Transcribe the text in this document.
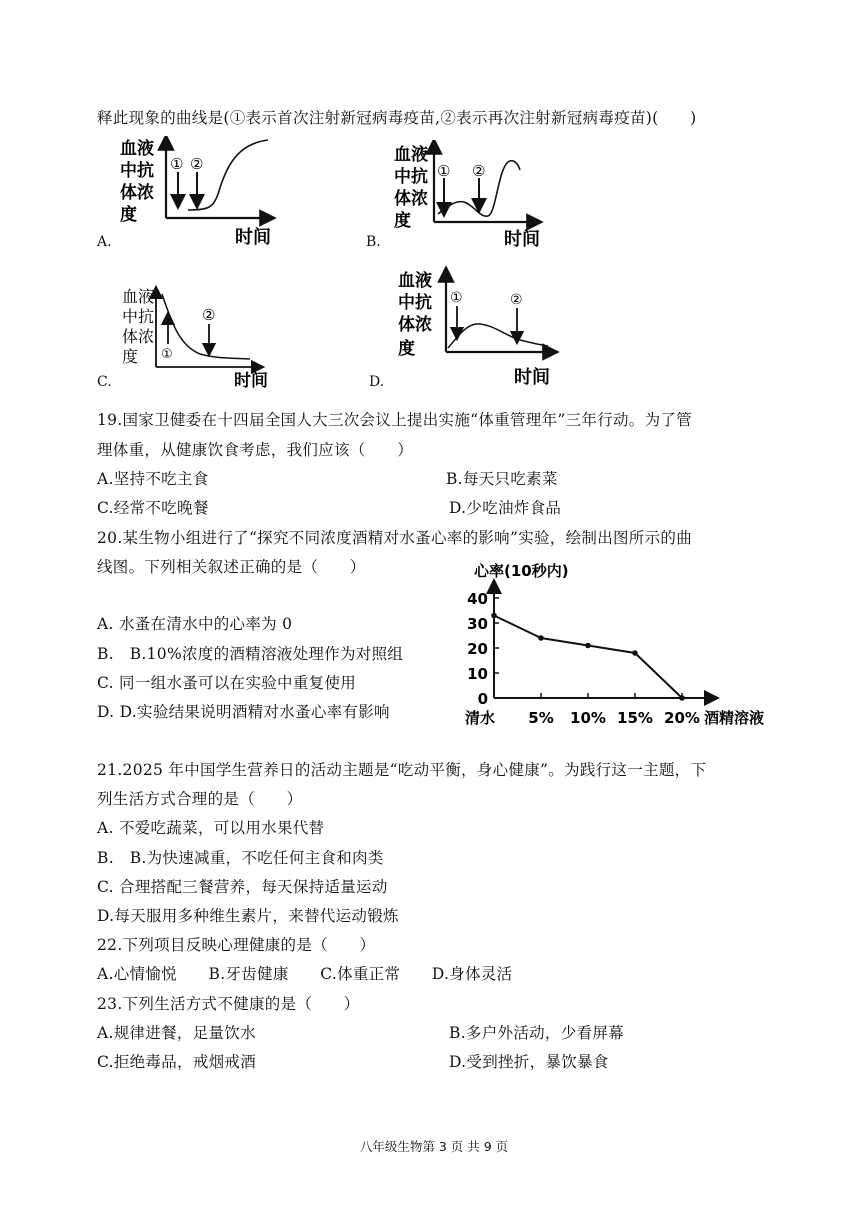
释此现象的曲线是(①表示首次注射新冠病毒疫苗,②表示再次注射新冠病毒疫苗)(　　)
A.
血液
中抗
体浓
度
时间
① ②
B.
血液
中抗
体浓
度
时间
① ②
C.
血液
中抗
体浓
度
时间
①
②
D.
血液
中抗
体浓
度
时间
①	②
19.国家卫健委在十四届全国人大三次会议上提出实施“体重管理年”三年行动。为了管
理体重，从健康饮食考虑，我们应该（　　）
A.坚持不吃主食	B.每天只吃素菜
C.经常不吃晚餐	D.少吃油炸食品
20.某生物小组进行了“探究不同浓度酒精对水蚤心率的影响”实验，绘制出图所示的曲
线图。下列相关叙述正确的是（　　）
A. 水蚤在清水中的心率为 0
B.　B.10%浓度的酒精溶液处理作为对照组
C. 同一组水蚤可以在实验中重复使用
D. D.实验结果说明酒精对水蚤心率有影响
心率(10秒内)
酒精溶液
0
10
20
30
40
清水 5% 10% 15% 20%
21.2025 年中国学生营养日的活动主题是“吃动平衡，身心健康”。为践行这一主题，下
列生活方式合理的是（　　）
A. 不爱吃蔬菜，可以用水果代替
B.　B.为快速减重，不吃任何主食和肉类
C. 合理搭配三餐营养，每天保持适量运动
D.每天服用多种维生素片，来替代运动锻炼
22.下列项目反映心理健康的是（　　）
A.心情愉悦　　B.牙齿健康　　C.体重正常　　D.身体灵活
23.下列生活方式不健康的是（　　）
A.规律进餐，足量饮水	B.多户外活动，少看屏幕
C.拒绝毒品，戒烟戒酒	D.受到挫折，暴饮暴食
八年级生物第 3 页 共 9 页
